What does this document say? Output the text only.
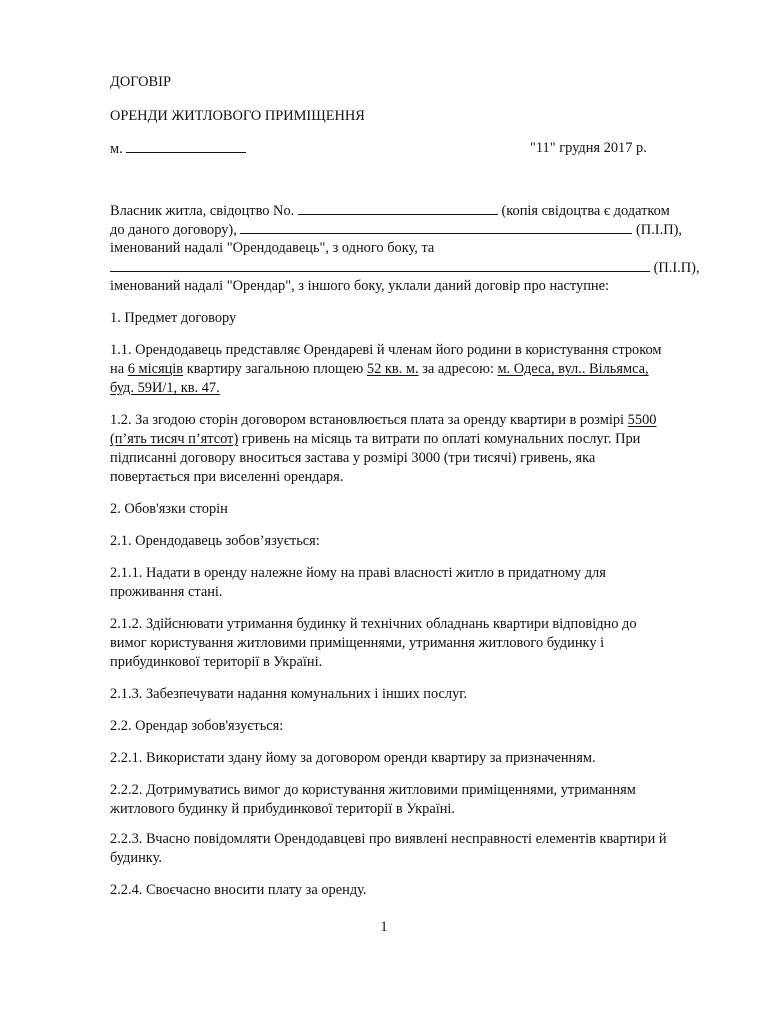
ДОГОВІР
ОРЕНДИ ЖИТЛОВОГО ПРИМІЩЕННЯ
м.	"11" грудня 2017 р.
Власник житла, свідоцтво No.	(копія свідоцтва є додатком
до даного договору),	(П.І.П),
іменований надалі "Орендодавець", з одного боку, та
(П.І.П),
іменований надалі "Орендар", з іншого боку, уклали даний договір про наступне:
1. Предмет договору
1.1. Орендодавець представляє Орендареві й членам його родини в користування строком
на 6 місяців квартиру загальною площею 52 кв. м. за адресою: м. Одеса, вул.. Вільямса,
буд. 59И/1, кв. 47.
1.2. За згодою сторін договором встановлюється плата за оренду квартири в розмірі 5500
(п’ять тисяч п’ятсот) гривень на місяць та витрати по оплаті комунальних послуг. При
підписанні договору вноситься застава у розмірі 3000 (три тисячі) гривень, яка
повертається при виселенні орендаря.
2. Обов'язки сторін
2.1. Орендодавець зобов’язується:
2.1.1. Надати в оренду належне йому на праві власності житло в придатному для
проживання стані.
2.1.2. Здійснювати утримання будинку й технічних обладнань квартири відповідно до
вимог користування житловими приміщеннями, утримання житлового будинку і
прибудинкової території в Україні.
2.1.3. Забезпечувати надання комунальних і інших послуг.
2.2. Орендар зобов'язується:
2.2.1. Використати здану йому за договором оренди квартиру за призначенням.
2.2.2. Дотримуватись вимог до користування житловими приміщеннями, утриманням
житлового будинку й прибудинкової території в Україні.
2.2.3. Вчасно повідомляти Орендодавцеві про виявлені несправності елементів квартири й
будинку.
2.2.4. Своєчасно вносити плату за оренду.
1
